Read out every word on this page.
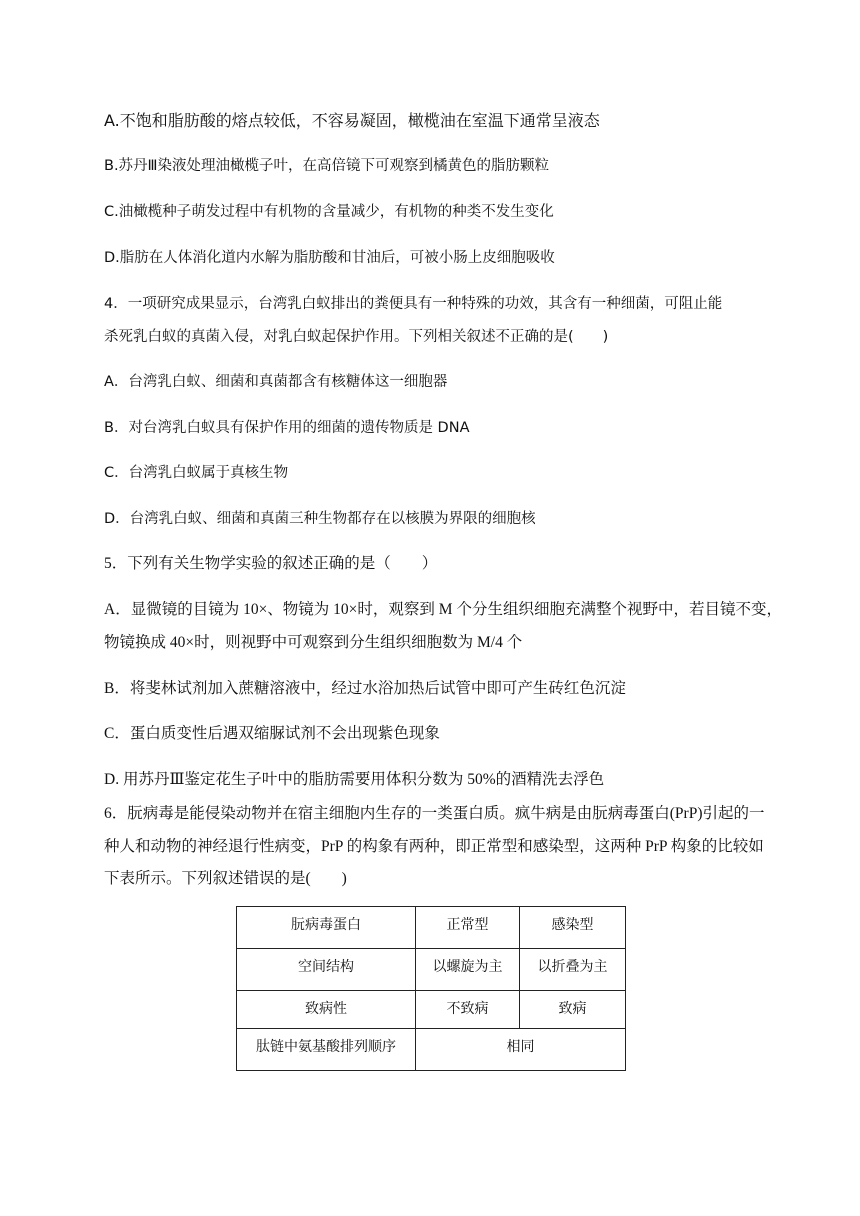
A.不饱和脂肪酸的熔点较低，不容易凝固，橄榄油在室温下通常呈液态
B.苏丹Ⅲ染液处理油橄榄子叶，在高倍镜下可观察到橘黄色的脂肪颗粒
C.油橄榄种子萌发过程中有机物的含量减少，有机物的种类不发生变化
D.脂肪在人体消化道内水解为脂肪酸和甘油后，可被小肠上皮细胞吸收
4．一项研究成果显示，台湾乳白蚁排出的粪便具有一种特殊的功效，其含有一种细菌，可阻止能
杀死乳白蚁的真菌入侵，对乳白蚁起保护作用。下列相关叙述不正确的是(　　)
A．台湾乳白蚁、细菌和真菌都含有核糖体这一细胞器
B．对台湾乳白蚁具有保护作用的细菌的遗传物质是 DNA
C．台湾乳白蚁属于真核生物
D．台湾乳白蚁、细菌和真菌三种生物都存在以核膜为界限的细胞核
5．下列有关生物学实验的叙述正确的是（　　）
A．显微镜的目镜为 10×、物镜为 10×时，观察到 M 个分生组织细胞充满整个视野中，若目镜不变，
物镜换成 40×时，则视野中可观察到分生组织细胞数为 M/4 个
B．将斐林试剂加入蔗糖溶液中，经过水浴加热后试管中即可产生砖红色沉淀
C．蛋白质变性后遇双缩脲试剂不会出现紫色现象
D. 用苏丹Ⅲ鉴定花生子叶中的脂肪需要用体积分数为 50%的酒精洗去浮色
6．朊病毒是能侵染动物并在宿主细胞内生存的一类蛋白质。疯牛病是由朊病毒蛋白(PrP)引起的一
种人和动物的神经退行性病变，PrP 的构象有两种，即正常型和感染型，这两种 PrP 构象的比较如
下表所示。下列叙述错误的是(　　)
朊病毒蛋白	正常型	感染型
空间结构	以螺旋为主	以折叠为主
致病性	不致病	致病
肽链中氨基酸排列顺序	相同	
